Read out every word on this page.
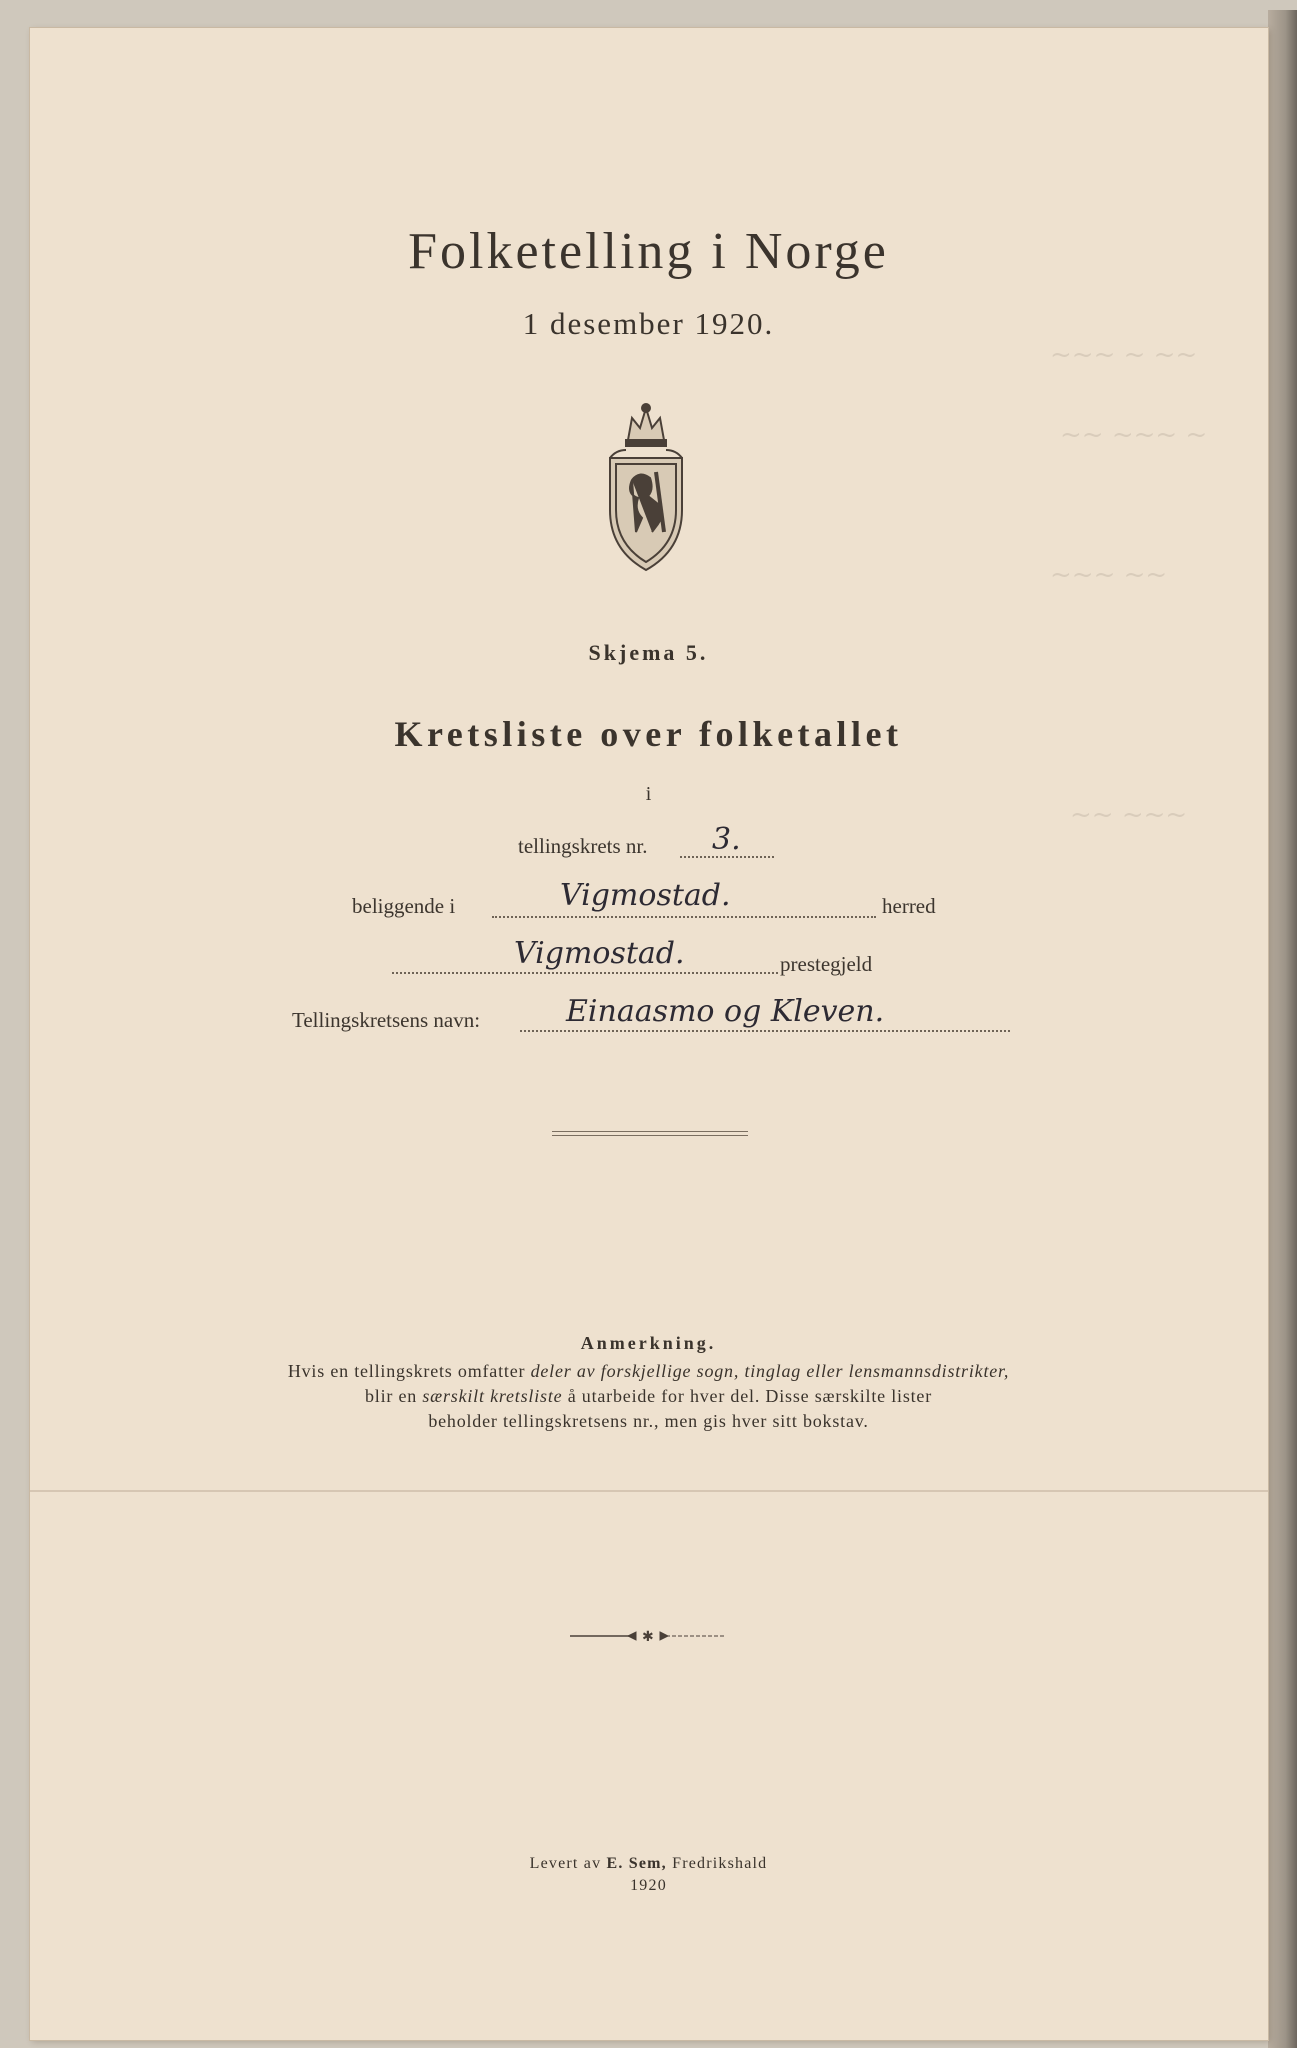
~~~ ~ ~~
~~ ~~~ ~
~~~ ~~
~~ ~~~
Folketelling i Norge
1 desember 1920.
Skjema 5.
Kretsliste over folketallet
i
tellingskrets nr. 3.
beliggende i	Vigmostad.	herred
Vigmostad.	prestegjeld
Tellingskretsens navn:	Einaasmo og Kleven.
Anmerkning.
Hvis en tellingskrets omfatter deler av forskjellige sogn, tinglag eller lensmannsdistrikter,
blir en særskilt kretsliste å utarbeide for hver del. Disse særskilte lister
beholder tellingskretsens nr., men gis hver sitt bokstav.
✱
Levert av E. Sem, Fredrikshald
1920
